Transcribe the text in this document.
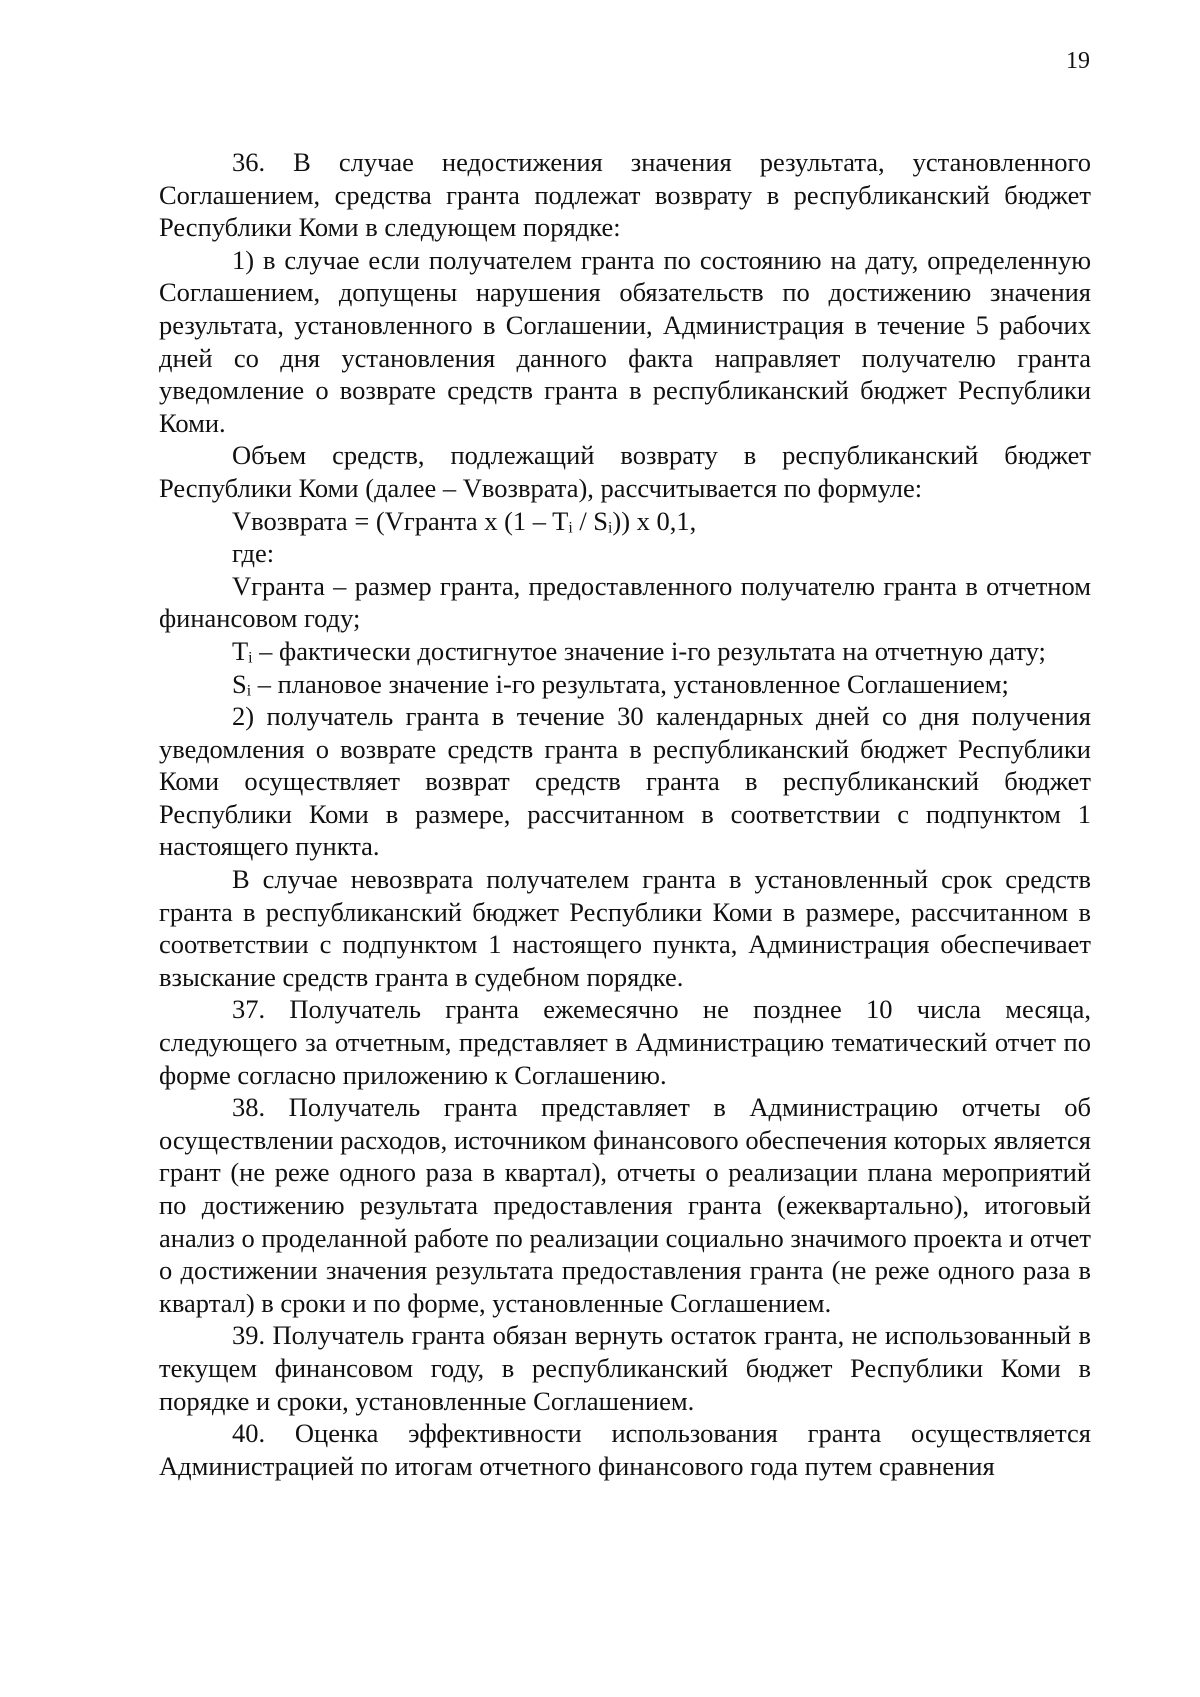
19

36. В случае недостижения значения результата, установленного Соглашением, средства гранта подлежат возврату в республиканский бюджет Республики Коми в следующем порядке:

1) в случае если получателем гранта по состоянию на дату, определенную Соглашением, допущены нарушения обязательств по достижению значения результата, установленного в Соглашении, Администрация в течение 5 рабочих дней со дня установления данного факта направляет получателю гранта уведомление о возврате средств гранта в республиканский бюджет Республики Коми.

Объем средств, подлежащий возврату в республиканский бюджет Республики Коми (далее – Vвозврата), рассчитывается по формуле:

Vвозврата = (Vгранта x (1 – Tᵢ / Sᵢ)) x 0,1,

где:

Vгранта – размер гранта, предоставленного получателю гранта в отчетном финансовом году;

Tᵢ – фактически достигнутое значение i-го результата на отчетную дату;

Sᵢ – плановое значение i-го результата, установленное Соглашением;

2) получатель гранта в течение 30 календарных дней со дня получения уведомления о возврате средств гранта в республиканский бюджет Республики Коми осуществляет возврат средств гранта в республиканский бюджет Республики Коми в размере, рассчитанном в соответствии с подпунктом 1 настоящего пункта.

В случае невозврата получателем гранта в установленный срок средств гранта в республиканский бюджет Республики Коми в размере, рассчитанном в соответствии с подпунктом 1 настоящего пункта, Администрация обеспечивает взыскание средств гранта в судебном порядке.

37. Получатель гранта ежемесячно не позднее 10 числа месяца, следующего за отчетным, представляет в Администрацию тематический отчет по форме согласно приложению к Соглашению.

38. Получатель гранта представляет в Администрацию отчеты об осуществлении расходов, источником финансового обеспечения которых является грант (не реже одного раза в квартал), отчеты о реализации плана мероприятий по достижению результата предоставления гранта (ежеквартально), итоговый анализ о проделанной работе по реализации социально значимого проекта и отчет о достижении значения результата предоставления гранта (не реже одного раза в квартал) в сроки и по форме, установленные Соглашением.

39. Получатель гранта обязан вернуть остаток гранта, не использованный в текущем финансовом году, в республиканский бюджет Республики Коми в порядке и сроки, установленные Соглашением.

40. Оценка эффективности использования гранта осуществляется Администрацией по итогам отчетного финансового года путем сравнения
